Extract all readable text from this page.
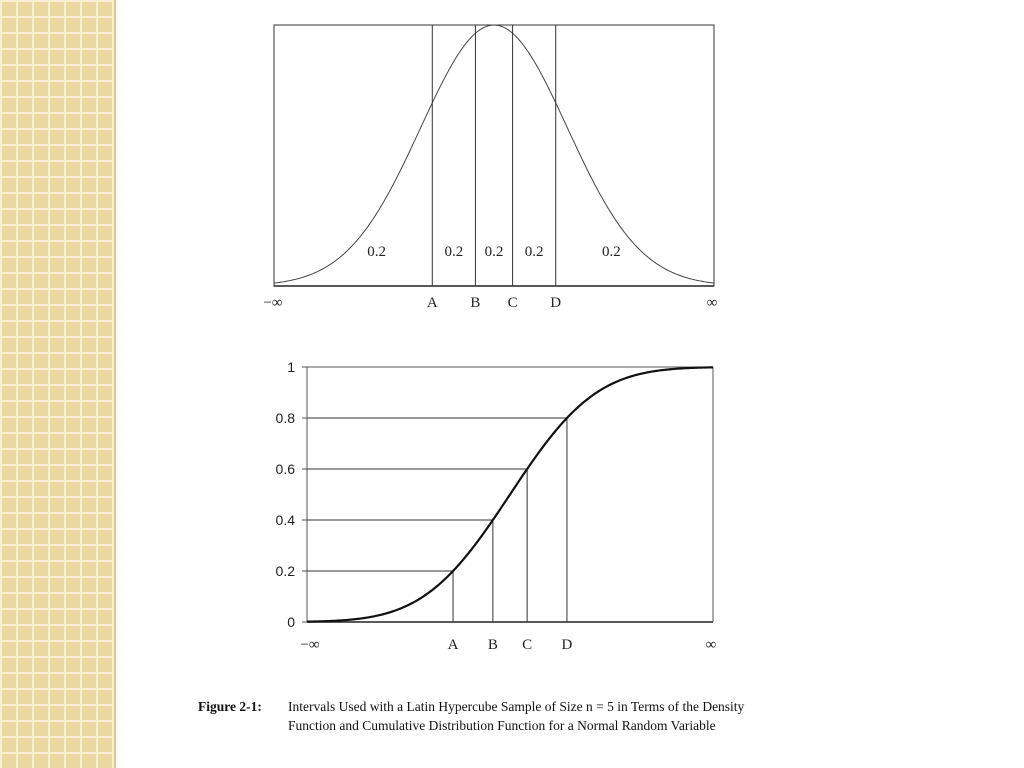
0.2	0.2 0.2 0.2	0.2
−∞	A B C D	∞
0
0.2
0.4
0.6
0.8
1
−∞	A B C D	∞
Figure 2-1: Intervals Used with a Latin Hypercube Sample of Size n = 5 in Terms of the Density
Function and Cumulative Distribution Function for a Normal Random Variable
